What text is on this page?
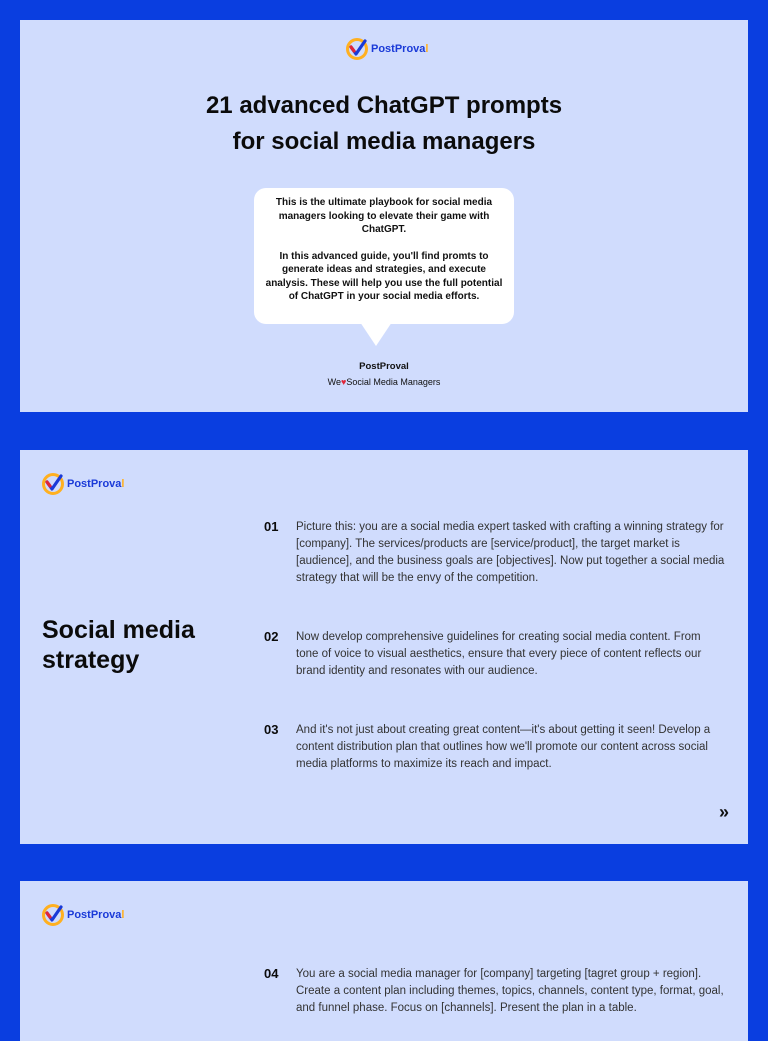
PostProval
21 advanced ChatGPT prompts
for social media managers

This is the ultimate playbook for social media managers looking to elevate their game with ChatGPT.

In this advanced guide, you'll find promts to generate ideas and strategies, and execute analysis. These will help you use the full potential of ChatGPT in your social media efforts.

PostProval
We♥Social Media Managers
PostProval
Social media strategy
01 Picture this: you are a social media expert tasked with crafting a winning strategy for [company]. The services/products are [service/product], the target market is [audience], and the business goals are [objectives]. Now put together a social media strategy that will be the envy of the competition.
02 Now develop comprehensive guidelines for creating social media content. From tone of voice to visual aesthetics, ensure that every piece of content reflects our brand identity and resonates with our audience.
03 And it's not just about creating great content—it's about getting it seen! Develop a content distribution plan that outlines how we'll promote our content across social media platforms to maximize its reach and impact.
»
PostProval
04 You are a social media manager for [company] targeting [tagret group + region]. Create a content plan including themes, topics, channels, content type, format, goal, and funnel phase. Focus on [channels]. Present the plan in a table.
